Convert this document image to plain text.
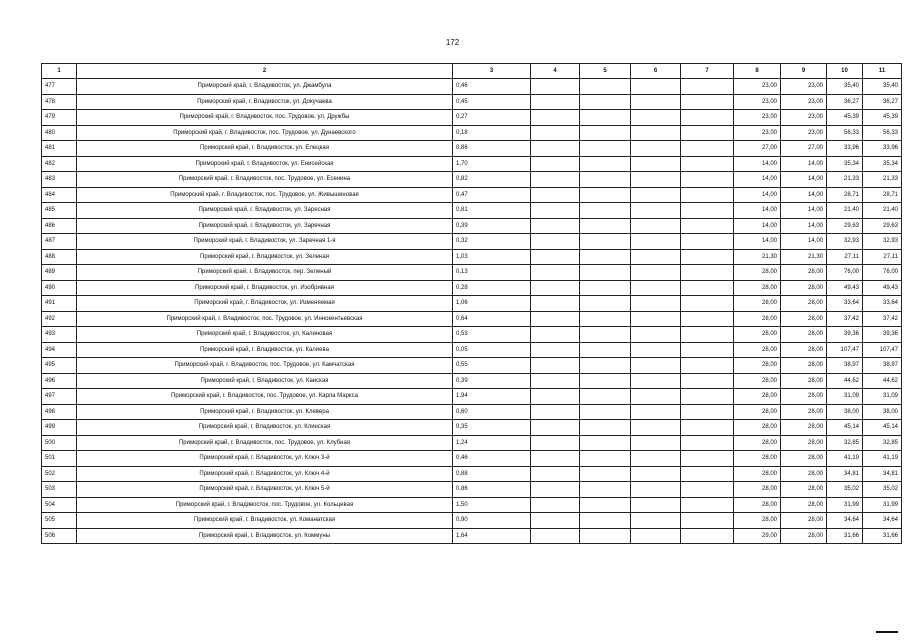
172
1	2	3	4	5	6	7	8	9	10	11
477	Приморский край, г. Владивосток, ул. Джамбула	0,46					23,00	23,00	35,40	35,40
478	Приморский край, г. Владивосток, ул. Докучаева	0,45					23,00	23,00	36,27	36,27
479	Приморский край, г. Владивосток, пос. Трудовое, ул. Дружбы	0,27					23,00	23,00	45,39	45,39
480	Приморский край, г. Владивосток, пос. Трудовое, ул. Дунаевского	0,18					23,00	23,00	56,33	56,33
481	Приморский край, г. Владивосток, ул. Елецкая	0,86					27,00	27,00	33,96	33,96
482	Приморский край, г. Владивосток, ул. Енисейская	1,70					14,00	14,00	35,34	35,34
483	Приморский край, г. Владивосток, пос. Трудовое, ул. Есенина	0,82					14,00	14,00	21,33	21,33
484	Приморский край, г. Владивосток, пос. Трудовое, ул. Живышеновая	0,47					14,00	14,00	28,71	28,71
485	Приморский край, г. Владивосток, ул. Заресная	0,81					14,00	14,00	21,40	21,40
486	Приморский край, г. Владивосток, ул. Заречная	0,39					14,00	14,00	29,63	29,63
487	Приморский край, г. Владивосток, ул. Заречная 1-я	0,32					14,00	14,00	32,93	32,93
488	Приморский край, г. Владивосток, ул. Зеленая	1,03					21,30	21,30	27,11	27,11
489	Приморский край, г. Владивосток, пер. Зеленый	0,13					28,00	28,00	76,00	76,00
490	Приморский край, г. Владивосток, ул. Изобривная	0,28					28,00	28,00	49,43	49,43
491	Приморский край, г. Владивосток, ул. Изменяемая	1,06					28,00	28,00	33,64	33,64
492	Приморский край, г. Владивосток, пос. Трудовое, ул. Иннокентьевская	0,64					28,00	28,00	37,42	37,42
493	Приморский край, г. Владивосток, ул. Калиновая	0,53					28,00	28,00	39,36	39,36
494	Приморский край, г. Владивосток, ул. Калиева	0,05					28,00	28,00	107,47	107,47
495	Приморский край, г. Владивосток, пос. Трудовое, ул. Камчатская	0,55					28,00	28,00	38,97	38,97
496	Приморский край, г. Владивосток, ул. Канская	0,39					28,00	28,00	44,62	44,62
497	Приморский край, г. Владивосток, пос. Трудовое, ул. Карла Маркса	1,94					28,00	28,00	31,09	31,09
498	Приморский край, г. Владивосток, ул. Клевера	0,60					28,00	28,00	38,00	38,00
499	Приморский край, г. Владивосток, ул. Клинская	0,35					28,00	28,00	45,14	45,14
500	Приморский край, г. Владивосток, пос. Трудовое, ул. Клубная	1,24					28,00	28,00	32,85	32,85
501	Приморский край, г. Владивосток, ул. Ключ 3-й	0,46					28,00	28,00	41,19	41,19
502	Приморский край, г. Владивосток, ул. Ключ 4-й	0,88					28,00	28,00	34,81	34,81
503	Приморский край, г. Владивосток, ул. Ключ 5-й	0,86					28,00	28,00	35,02	35,02
504	Приморский край, г. Владивосток, пос. Трудовое, ул. Кольцевая	1,50					28,00	28,00	31,99	31,99
505	Приморский край, г. Владивосток, ул. Команатская	0,90					28,00	28,00	34,64	34,64
506	Приморский край, г. Владивосток, ул. Коммуны	1,64					29,00	28,00	31,66	31,66
